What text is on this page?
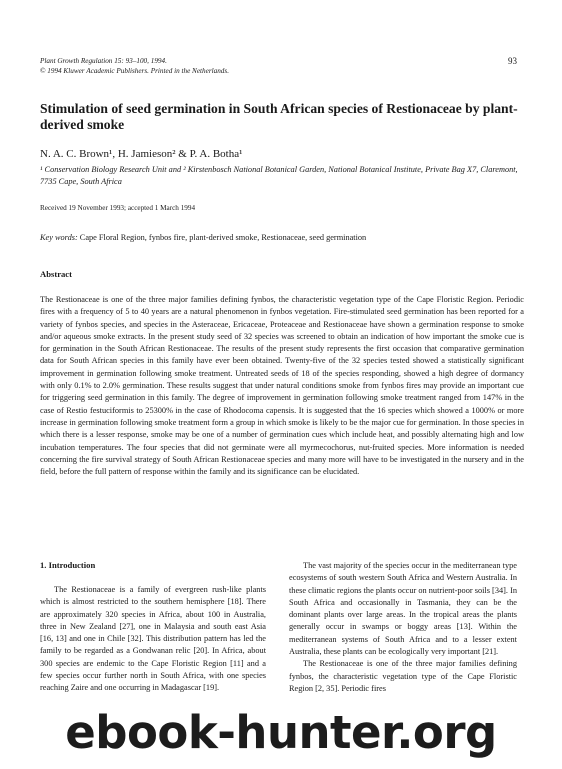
Plant Growth Regulation 15: 93–100, 1994.
© 1994 Kluwer Academic Publishers. Printed in the Netherlands.
93
Stimulation of seed germination in South African species of Restionaceae by plant-derived smoke
N. A. C. Brown¹, H. Jamieson² & P. A. Botha¹
¹ Conservation Biology Research Unit and ² Kirstenbosch National Botanical Garden, National Botanical Institute, Private Bag X7, Claremont, 7735 Cape, South Africa
Received 19 November 1993; accepted 1 March 1994
Key words: Cape Floral Region, fynbos fire, plant-derived smoke, Restionaceae, seed germination
Abstract
The Restionaceae is one of the three major families defining fynbos, the characteristic vegetation type of the Cape Floristic Region. Periodic fires with a frequency of 5 to 40 years are a natural phenomenon in fynbos vegetation. Fire-stimulated seed germination has been reported for a variety of fynbos species, and species in the Asteraceae, Ericaceae, Proteaceae and Restionaceae have shown a germination response to smoke and/or aqueous smoke extracts. In the present study seed of 32 species was screened to obtain an indication of how important the smoke cue is for germination in the South African Restionaceae. The results of the present study represents the first occasion that comparative germination data for South African species in this family have ever been obtained. Twenty-five of the 32 species tested showed a statistically significant improvement in germination following smoke treatment. Untreated seeds of 18 of the species responding, showed a high degree of dormancy with only 0.1% to 2.0% germination. These results suggest that under natural conditions smoke from fynbos fires may provide an important cue for triggering seed germination in this family. The degree of improvement in germination following smoke treatment ranged from 147% in the case of Restio festuciformis to 25300% in the case of Rhodocoma capensis. It is suggested that the 16 species which showed a 1000% or more increase in germination following smoke treatment form a group in which smoke is likely to be the major cue for germination. In those species in which there is a lesser response, smoke may be one of a number of germination cues which include heat, and possibly alternating high and low incubation temperatures. The four species that did not germinate were all myrmecochorus, nut-fruited species. More information is needed concerning the fire survival strategy of South African Restionaceae species and many more will have to be investigated in the nursery and in the field, before the full pattern of response within the family and its significance can be elucidated.
1. Introduction

The Restionaceae is a family of evergreen rush-like plants which is almost restricted to the southern hemisphere [18]. There are approximately 320 species in Africa, about 100 in Australia, three in New Zealand [27], one in Malaysia and south east Asia [16, 13] and one in Chile [32]. This distribution pattern has led the family to be regarded as a Gondwanan relic [20]. In Africa, about 300 species are endemic to the Cape Floristic Region [11] and a few species occur further north in South Africa, with one species reaching Zaire and one occurring in Madagascar [19].

The vast majority of the species occur in the mediterranean type ecosystems of south western South Africa and Western Australia. In these climatic regions the plants occur on nutrient-poor soils [34]. In South Africa and occasionally in Tasmania, they can be the dominant plants over large areas. In the tropical areas the plants generally occur in swamps or boggy areas [13]. Within the mediterranean systems of South Africa and to a lesser extent Australia, these plants can be ecologically very important [21].

The Restionaceae is one of the three major families defining fynbos, the characteristic vegetation type of the Cape Floristic Region [2, 35]. Periodic fires

ebook-hunter.org
